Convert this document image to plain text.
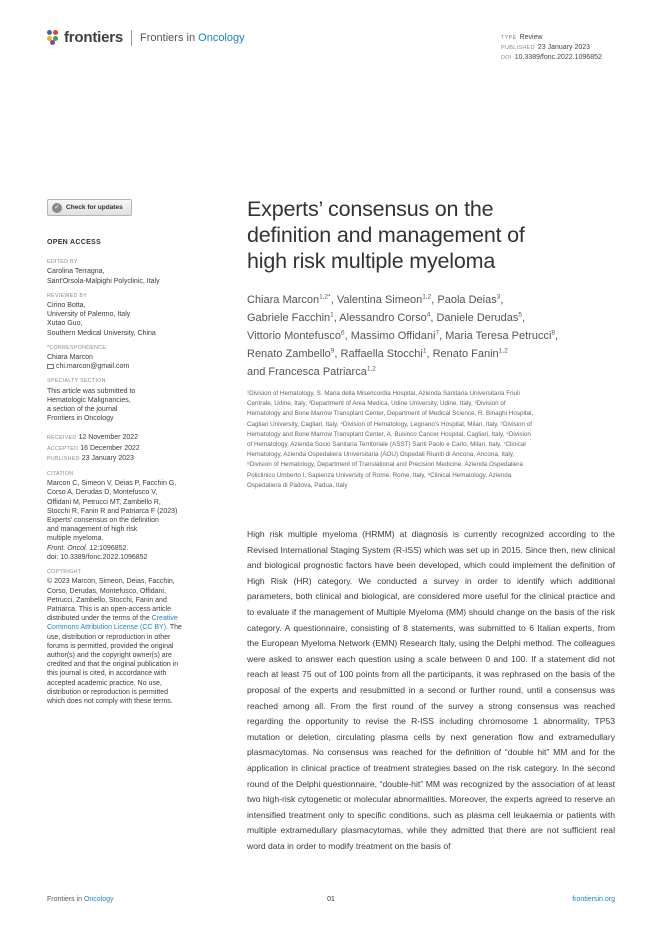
frontiers Frontiers in Oncology	TYPE Review
PUBLISHED 23 January 2023
DOI 10.3389/fonc.2022.1096852
✓ Check for updates
OPEN ACCESS
EDITED BY
Carolina Terragna,
Sant'Orsola-Malpighi Polyclinic, Italy
REVIEWED BY
Cirino Botta,
University of Palermo, Italy
Xutao Guo,
Southern Medical University, China
*CORRESPONDENCE
Chiara Marcon
chi.marcon@gmail.com
SPECIALTY SECTION
This article was submitted to
Hematologic Malignancies,
a section of the journal
Frontiers in Oncology
RECEIVED 12 November 2022
ACCEPTED 16 December 2022
PUBLISHED 23 January 2023
CITATION
Marcon C, Simeon V, Deias P, Facchin G,
Corso A, Derudas D, Montefusco V,
Offidani M, Petrucci MT, Zambello R,
Stocchi R, Fanin R and Patriarca F (2023)
Experts' consensus on the definition
and management of high risk
multiple myeloma.
Front. Oncol. 12:1096852.
doi: 10.3389/fonc.2022.1096852
COPYRIGHT
© 2023 Marcon, Simeon, Deias, Facchin,
Corso, Derudas, Montefusco, Offidani,
Petrucci, Zambello, Stocchi, Fanin and
Patriarca. This is an open-access article
distributed under the terms of the Creative
Commons Attribution License (CC BY). The
use, distribution or reproduction in other
forums is permitted, provided the original
author(s) and the copyright owner(s) are
credited and that the original publication in
this journal is cited, in accordance with
accepted academic practice. No use,
distribution or reproduction is permitted
which does not comply with these terms.
Experts’ consensus on the
definition and management of
high risk multiple myeloma
Chiara Marcon$^{1,2*}$, Valentina Simeon$^{1,2}$, Paola Deias$^3$,
Gabriele Facchin$^1$, Alessandro Corso$^4$, Daniele Derudas$^5$,
Vittorio Montefusco$^6$, Massimo Offidani$^7$, Maria Teresa Petrucci$^8$,
Renato Zambello$^9$, Raffaella Stocchi$^1$, Renato Fanin$^{1,2}$
and Francesca Patriarca$^{1,2}$
¹Division of Hematology, S. Maria della Misericordia Hospital, Azienda Sanitaria Universitaria Friuli
Centrale, Udine, Italy, ²Department of Area Medica, Udine University, Udine, Italy, ³Division of
Hematology and Bone Marrow Transplant Center, Department of Medical Science, R. Binaghi Hospital,
Cagliari University, Cagliari, Italy, ⁴Division of Hematology, Legnano’s Hospital, Milan, Italy, ⁵Division of
Hematology and Bone Marrow Transplant Center, A. Businco Cancer Hospital, Cagliari, Italy, ⁶Division
of Hematology, Azienda Socio Sanitaria Territoriale (ASST) Santi Paolo e Carlo, Milan, Italy, ⁷Clinical
Hematology, Azienda Ospedaliera Universitaria (AOU) Ospedali Riuniti di Ancona, Ancona, Italy,
⁸Division of Hematology, Department of Translational and Precision Medicine, Azienda Ospedaliera
Policlinico Umberto I, Sapienza University of Rome, Rome, Italy, ⁹Clinical Hematology, Azienda
Ospedaliera di Padova, Padua, Italy

High risk multiple myeloma (HRMM) at diagnosis is currently recognized according to the Revised International Staging System (R-ISS) which was set up in 2015. Since then, new clinical and biological prognostic factors have been developed, which could implement the definition of High Risk (HR) category. We conducted a survey in order to identify which additional parameters, both clinical and biological, are considered more useful for the clinical practice and to evaluate if the management of Multiple Myeloma (MM) should change on the basis of the risk category. A questionnaire, consisting of 8 statements, was submitted to 6 Italian experts, from the European Myeloma Network (EMN) Research Italy, using the Delphi method. The colleagues were asked to answer each question using a scale between 0 and 100. If a statement did not reach at least 75 out of 100 points from all the participants, it was rephrased on the basis of the proposal of the experts and resubmitted in a second or further round, until a consensus was reached among all. From the first round of the survey a strong consensus was reached regarding the opportunity to revise the R-ISS including chromosome 1 abnormality, TP53 mutation or deletion, circulating plasma cells by next generation flow and extramedullary plasmacytomas. No consensus was reached for the definition of “double hit” MM and for the application in clinical practice of treatment strategies based on the risk category. In the second round of the Delphi questionnaire, “double-hit” MM was recognized by the association of at least two high-risk cytogenetic or molecular abnormalities. Moreover, the experts agreed to reserve an intensified treatment only to specific conditions, such as plasma cell leukaemia or patients with multiple extramedullary plasmacytomas, while they admitted that there are not sufficient real word data in order to modify treatment on the basis of

Frontiers in Oncology	01	frontiersin.org
